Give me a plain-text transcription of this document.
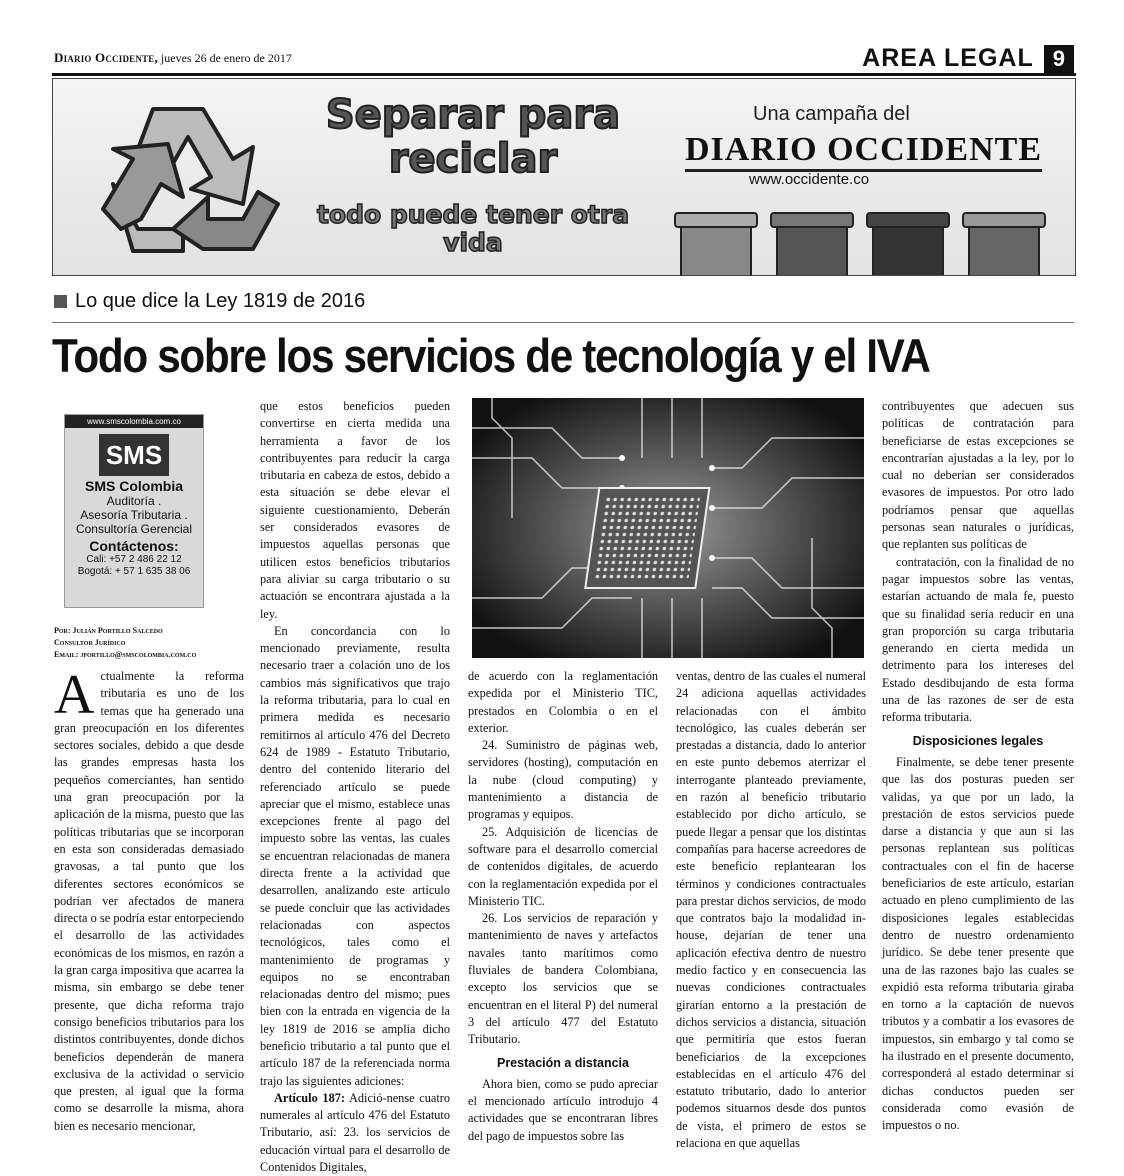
Diario Occidente, jueves 26 de enero de 2017	AREA LEGAL 9
Separar para reciclar
todo puede tener otra vida
Una campaña del
DIARIO OCCIDENTE
www.occidente.co
Lo que dice la Ley 1819 de 2016
Todo sobre los servicios de tecnología y el IVA
www.smscolombia.com.co
SMS
SMS Colombia
Auditoría .
Asesoría Tributaria .
Consultoría Gerencial
Contáctenos:
Cali: +57 2 486 22 12
Bogotá: + 57 1 635 38 06
Por: Julián Portillo Salcedo
Consultor Jurídico
Email: jportillo@smscolombia.com.co

Actualmente la reforma tributaria es uno de los temas que ha generado una gran preocupación en los diferentes sectores sociales, debido a que desde las grandes empresas hasta los pequeños comerciantes, han sentido una gran preocupación por la aplicación de la misma, puesto que las políticas tributarias que se incorporan en esta son consideradas demasiado gravosas, a tal punto que los diferentes sectores económicos se podrían ver afectados de manera directa o se podría estar entorpeciendo el desarrollo de las actividades económicas de los mismos, en razón a la gran carga impositiva que acarrea la misma, sin embargo se debe tener presente, que dicha reforma trajo consigo beneficios tributarios para los distintos contribuyentes, donde dichos beneficios dependerán de manera exclusiva de la actividad o servicio que presten, al igual que la forma como se desarrolle la misma, ahora bien es necesario mencionar,

que estos beneficios pueden convertirse en cierta medida una herramienta a favor de los contribuyentes para reducir la carga tributaria en cabeza de estos, debido a esta situación se debe elevar el siguiente cuestionamiento, Deberán ser considerados evasores de impuestos aquellas personas que utilicen estos beneficios tributarios para aliviar su carga tributario o su actuación se encontrara ajustada a la ley.

En concordancia con lo mencionado previamente, resulta necesario traer a colación uno de los cambios más significativos que trajo la reforma tributaria, para lo cual en primera medida es necesario remitirnos al artículo 476 del Decreto 624 de 1989 - Estatuto Tributario, dentro del contenido literario del referenciado artículo se puede apreciar que el mismo, establece unas excepciones frente al pago del impuesto sobre las ventas, las cuales se encuentran relacionadas de manera directa frente a la actividad que desarrollen, analizando este artículo se puede concluir que las actividades relacionadas con aspectos tecnológicos, tales como el mantenimiento de programas y equipos no se encontraban relacionadas dentro del mismo; pues bien con la entrada en vigencia de la ley 1819 de 2016 se amplia dicho beneficio tributario a tal punto que el artículo 187 de la referenciada norma trajo las siguientes adiciones:

Artículo 187: Adició-nense cuatro numerales al artículo 476 del Estatuto Tributario, así: 23. los servicios de educación virtual para el desarrollo de Contenidos Digitales,

de acuerdo con la reglamentación expedida por el Ministerio TIC, prestados en Colombia o en el exterior.

24. Suministro de páginas web, servidores (hosting), computación en la nube (cloud computing) y mantenimiento a distancia de programas y equipos.

25. Adquisición de licencias de software para el desarrollo comercial de contenidos digitales, de acuerdo con la reglamentación expedida por el Ministerio TIC.

26. Los servicios de reparación y mantenimiento de naves y artefactos navales tanto marítimos como fluviales de bandera Colombiana, excepto los servicios que se encuentran en el literal P) del numeral 3 del artículo 477 del Estatuto Tributario.

Prestación a distancia

Ahora bien, como se pudo apreciar el mencionado artículo introdujo 4 actividades que se encontraran libres del pago de impuestos sobre las

ventas, dentro de las cuales el numeral 24 adiciona aquellas actividades relacionadas con el ámbito tecnológico, las cuales deberán ser prestadas a distancia, dado lo anterior en este punto debemos aterrizar el interrogante planteado previamente, en razón al beneficio tributario establecido por dicho artículo, se puede llegar a pensar que los distintas compañías para hacerse acreedores de este beneficio replantearan los términos y condiciones contractuales para prestar dichos servicios, de modo que contratos bajo la modalidad in-house, dejarían de tener una aplicación efectiva dentro de nuestro medio factico y en consecuencia las nuevas condiciones contractuales girarían entorno a la prestación de dichos servicios a distancia, situación que permitiría que estos fueran beneficiarios de la excepciones establecidas en el artículo 476 del estatuto tributario, dado lo anterior podemos situarnos desde dos puntos de vista, el primero de estos se relaciona en que aquellas

contribuyentes que adecuen sus políticas de contratación para beneficiarse de estas excepciones se encontrarían ajustadas a la ley, por lo cual no deberían ser considerados evasores de impuestos. Por otro lado podríamos pensar que aquellas personas sean naturales o jurídicas, que replanten sus políticas de

contratación, con la finalidad de no pagar impuestos sobre las ventas, estarían actuando de mala fe, puesto que su finalidad sería reducir en una gran proporción su carga tributaria generando en cierta medida un detrimento para los intereses del Estado desdibujando de esta forma una de las razones de ser de esta reforma tributaria.

Disposiciones legales

Finalmente, se debe tener presente que las dos posturas pueden ser validas, ya que por un lado, la prestación de estos servicios puede darse a distancia y que aun si las personas replantean sus políticas contractuales con el fin de hacerse beneficiarios de este artículo, estarían actuado en pleno cumplimiento de las disposiciones legales establecidas dentro de nuestro ordenamiento jurídico. Se debe tener presente que una de las razones bajo las cuales se expidió esta reforma tributaria giraba en torno a la captación de nuevos tributos y a combatir a los evasores de impuestos, sin embargo y tal como se ha ilustrado en el presente documento, corresponderá al estado determinar si dichas conductos pueden ser considerada como evasión de impuestos o no.
